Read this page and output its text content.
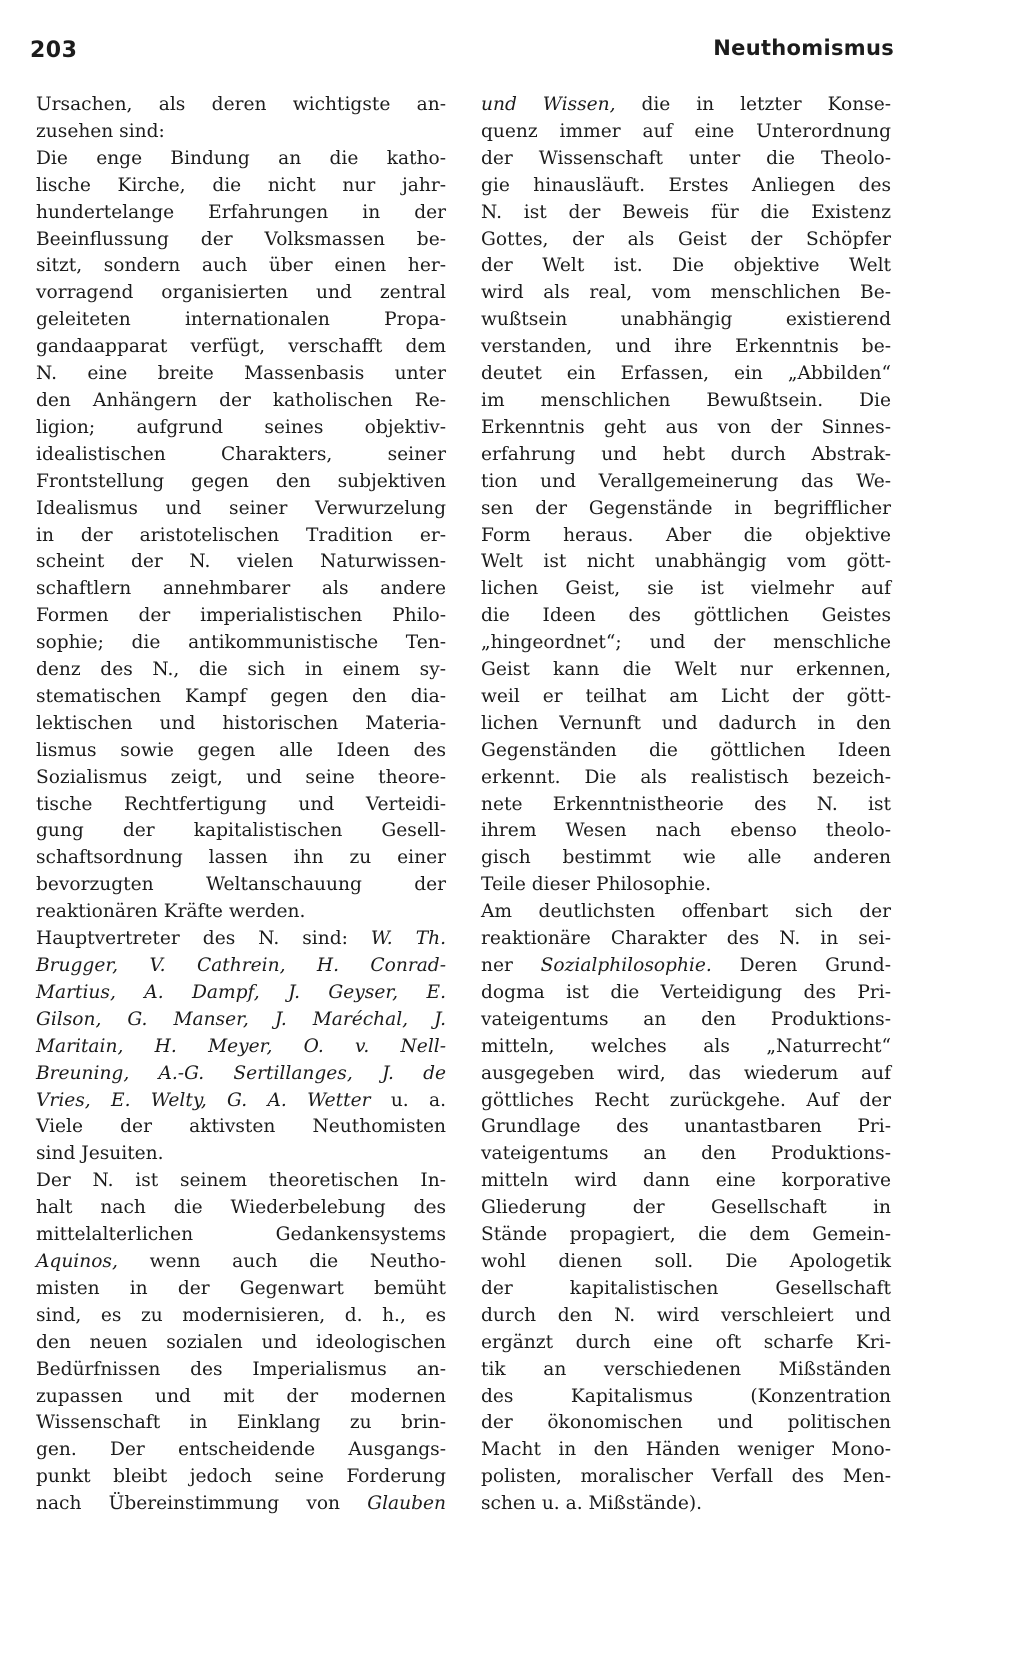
203	Neuthomismus

Ursachen, als deren wichtigste an-
zusehen sind:

Die enge Bindung an die katho-
lische Kirche, die nicht nur jahr-
hundertelange Erfahrungen in der
Beeinflussung der Volksmassen be-
sitzt, sondern auch über einen her-
vorragend organisierten und zentral
geleiteten internationalen Propa-
gandaapparat verfügt, verschafft dem
N. eine breite Massenbasis unter
den Anhängern der katholischen Re-
ligion; aufgrund seines objektiv-
idealistischen Charakters, seiner
Frontstellung gegen den subjektiven
Idealismus und seiner Verwurzelung
in der aristotelischen Tradition er-
scheint der N. vielen Naturwissen-
schaftlern annehmbarer als andere
Formen der imperialistischen Philo-
sophie; die antikommunistische Ten-
denz des N., die sich in einem sy-
stematischen Kampf gegen den dia-
lektischen und historischen Materia-
lismus sowie gegen alle Ideen des
Sozialismus zeigt, und seine theore-
tische Rechtfertigung und Verteidi-
gung der kapitalistischen Gesell-
schaftsordnung lassen ihn zu einer
bevorzugten Weltanschauung der
reaktionären Kräfte werden.

Hauptvertreter des N. sind: W. Th.
Brugger, V. Cathrein, H. Conrad-
Martius, A. Dampf, J. Geyser, E.
Gilson, G. Manser, J. Maréchal, J.
Maritain, H. Meyer, O. v. Nell-
Breuning, A.-G. Sertillanges, J. de
Vries, E. Welty, G. A. Wetter u. a.
Viele der aktivsten Neuthomisten
sind Jesuiten.

Der N. ist seinem theoretischen In-
halt nach die Wiederbelebung des
mittelalterlichen Gedankensystems
Aquinos, wenn auch die Neutho-
misten in der Gegenwart bemüht
sind, es zu modernisieren, d. h., es
den neuen sozialen und ideologischen
Bedürfnissen des Imperialismus an-
zupassen und mit der modernen
Wissenschaft in Einklang zu brin-
gen. Der entscheidende Ausgangs-
punkt bleibt jedoch seine Forderung
nach Übereinstimmung von Glauben

und Wissen, die in letzter Konse-
quenz immer auf eine Unterordnung
der Wissenschaft unter die Theolo-
gie hinausläuft. Erstes Anliegen des
N. ist der Beweis für die Existenz
Gottes, der als Geist der Schöpfer
der Welt ist. Die objektive Welt
wird als real, vom menschlichen Be-
wußtsein unabhängig existierend
verstanden, und ihre Erkenntnis be-
deutet ein Erfassen, ein „Abbilden“
im menschlichen Bewußtsein. Die
Erkenntnis geht aus von der Sinnes-
erfahrung und hebt durch Abstrak-
tion und Verallgemeinerung das We-
sen der Gegenstände in begrifflicher
Form heraus. Aber die objektive
Welt ist nicht unabhängig vom gött-
lichen Geist, sie ist vielmehr auf
die Ideen des göttlichen Geistes
„hingeordnet“; und der menschliche
Geist kann die Welt nur erkennen,
weil er teilhat am Licht der gött-
lichen Vernunft und dadurch in den
Gegenständen die göttlichen Ideen
erkennt. Die als realistisch bezeich-
nete Erkenntnistheorie des N. ist
ihrem Wesen nach ebenso theolo-
gisch bestimmt wie alle anderen
Teile dieser Philosophie.

Am deutlichsten offenbart sich der
reaktionäre Charakter des N. in sei-
ner Sozialphilosophie. Deren Grund-
dogma ist die Verteidigung des Pri-
vateigentums an den Produktions-
mitteln, welches als „Naturrecht“
ausgegeben wird, das wiederum auf
göttliches Recht zurückgehe. Auf der
Grundlage des unantastbaren Pri-
vateigentums an den Produktions-
mitteln wird dann eine korporative
Gliederung der Gesellschaft in
Stände propagiert, die dem Gemein-
wohl dienen soll. Die Apologetik
der kapitalistischen Gesellschaft
durch den N. wird verschleiert und
ergänzt durch eine oft scharfe Kri-
tik an verschiedenen Mißständen
des Kapitalismus (Konzentration
der ökonomischen und politischen
Macht in den Händen weniger Mono-
polisten, moralischer Verfall des Men-
schen u. a. Mißstände).
